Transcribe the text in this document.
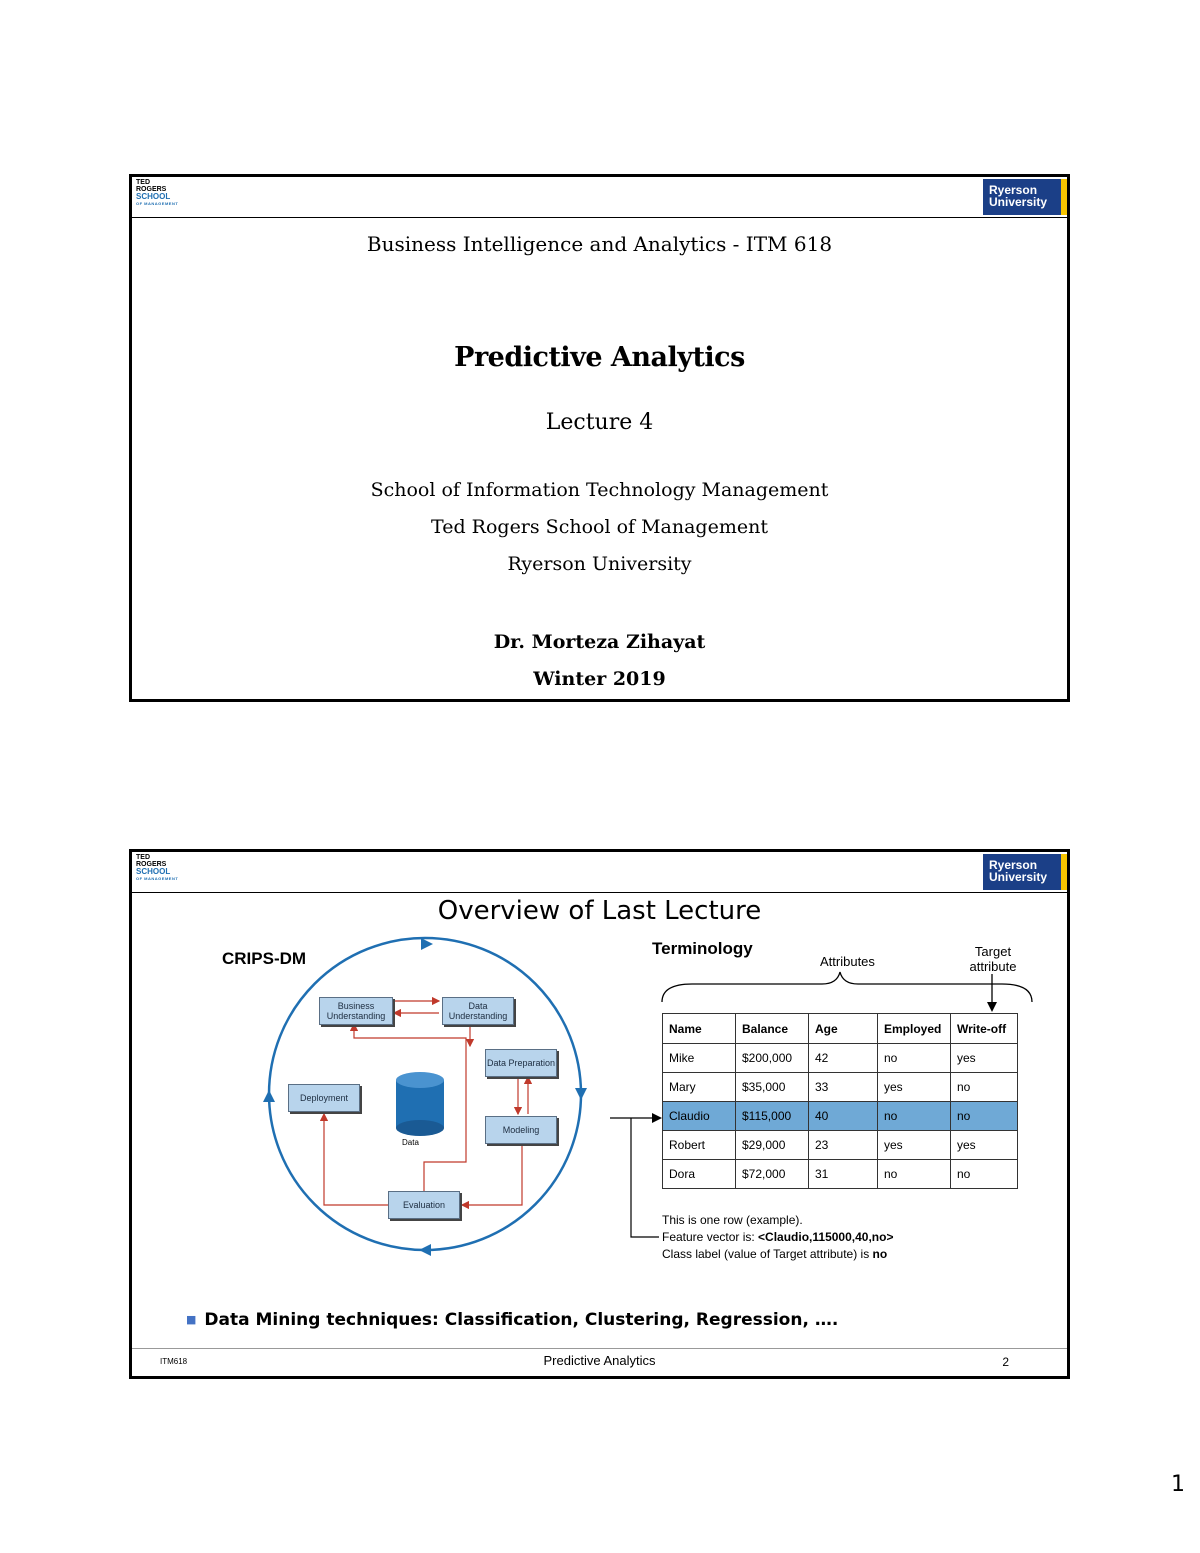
TED
ROGERS
SCHOOL
OF MANAGEMENT
Ryerson
University
Business Intelligence and Analytics - ITM 618
Predictive Analytics
Lecture 4
School of Information Technology Management
Ted Rogers School of Management
Ryerson University
Dr. Morteza Zihayat
Winter 2019
TED
ROGERS
SCHOOL
OF MANAGEMENT
Ryerson
University
Overview of Last Lecture
CRIPS-DM
Terminology
Business Understanding
Data Understanding
Data Preparation
Modeling
Evaluation
Deployment
Data
Attributes
Target
attribute
Name	Balance	Age	Employed	Write-off
Mike	$200,000	42	no	yes
Mary	$35,000	33	yes	no
Claudio	$115,000	40	no	no
Robert	$29,000	23	yes	yes
Dora	$72,000	31	no	no
This is one row (example).
Feature vector is: <Claudio,115000,40,no>
Class label (value of Target attribute) is no
■ Data Mining techniques: Classification, Clustering, Regression, ….
ITM618	Predictive Analytics	2
1
